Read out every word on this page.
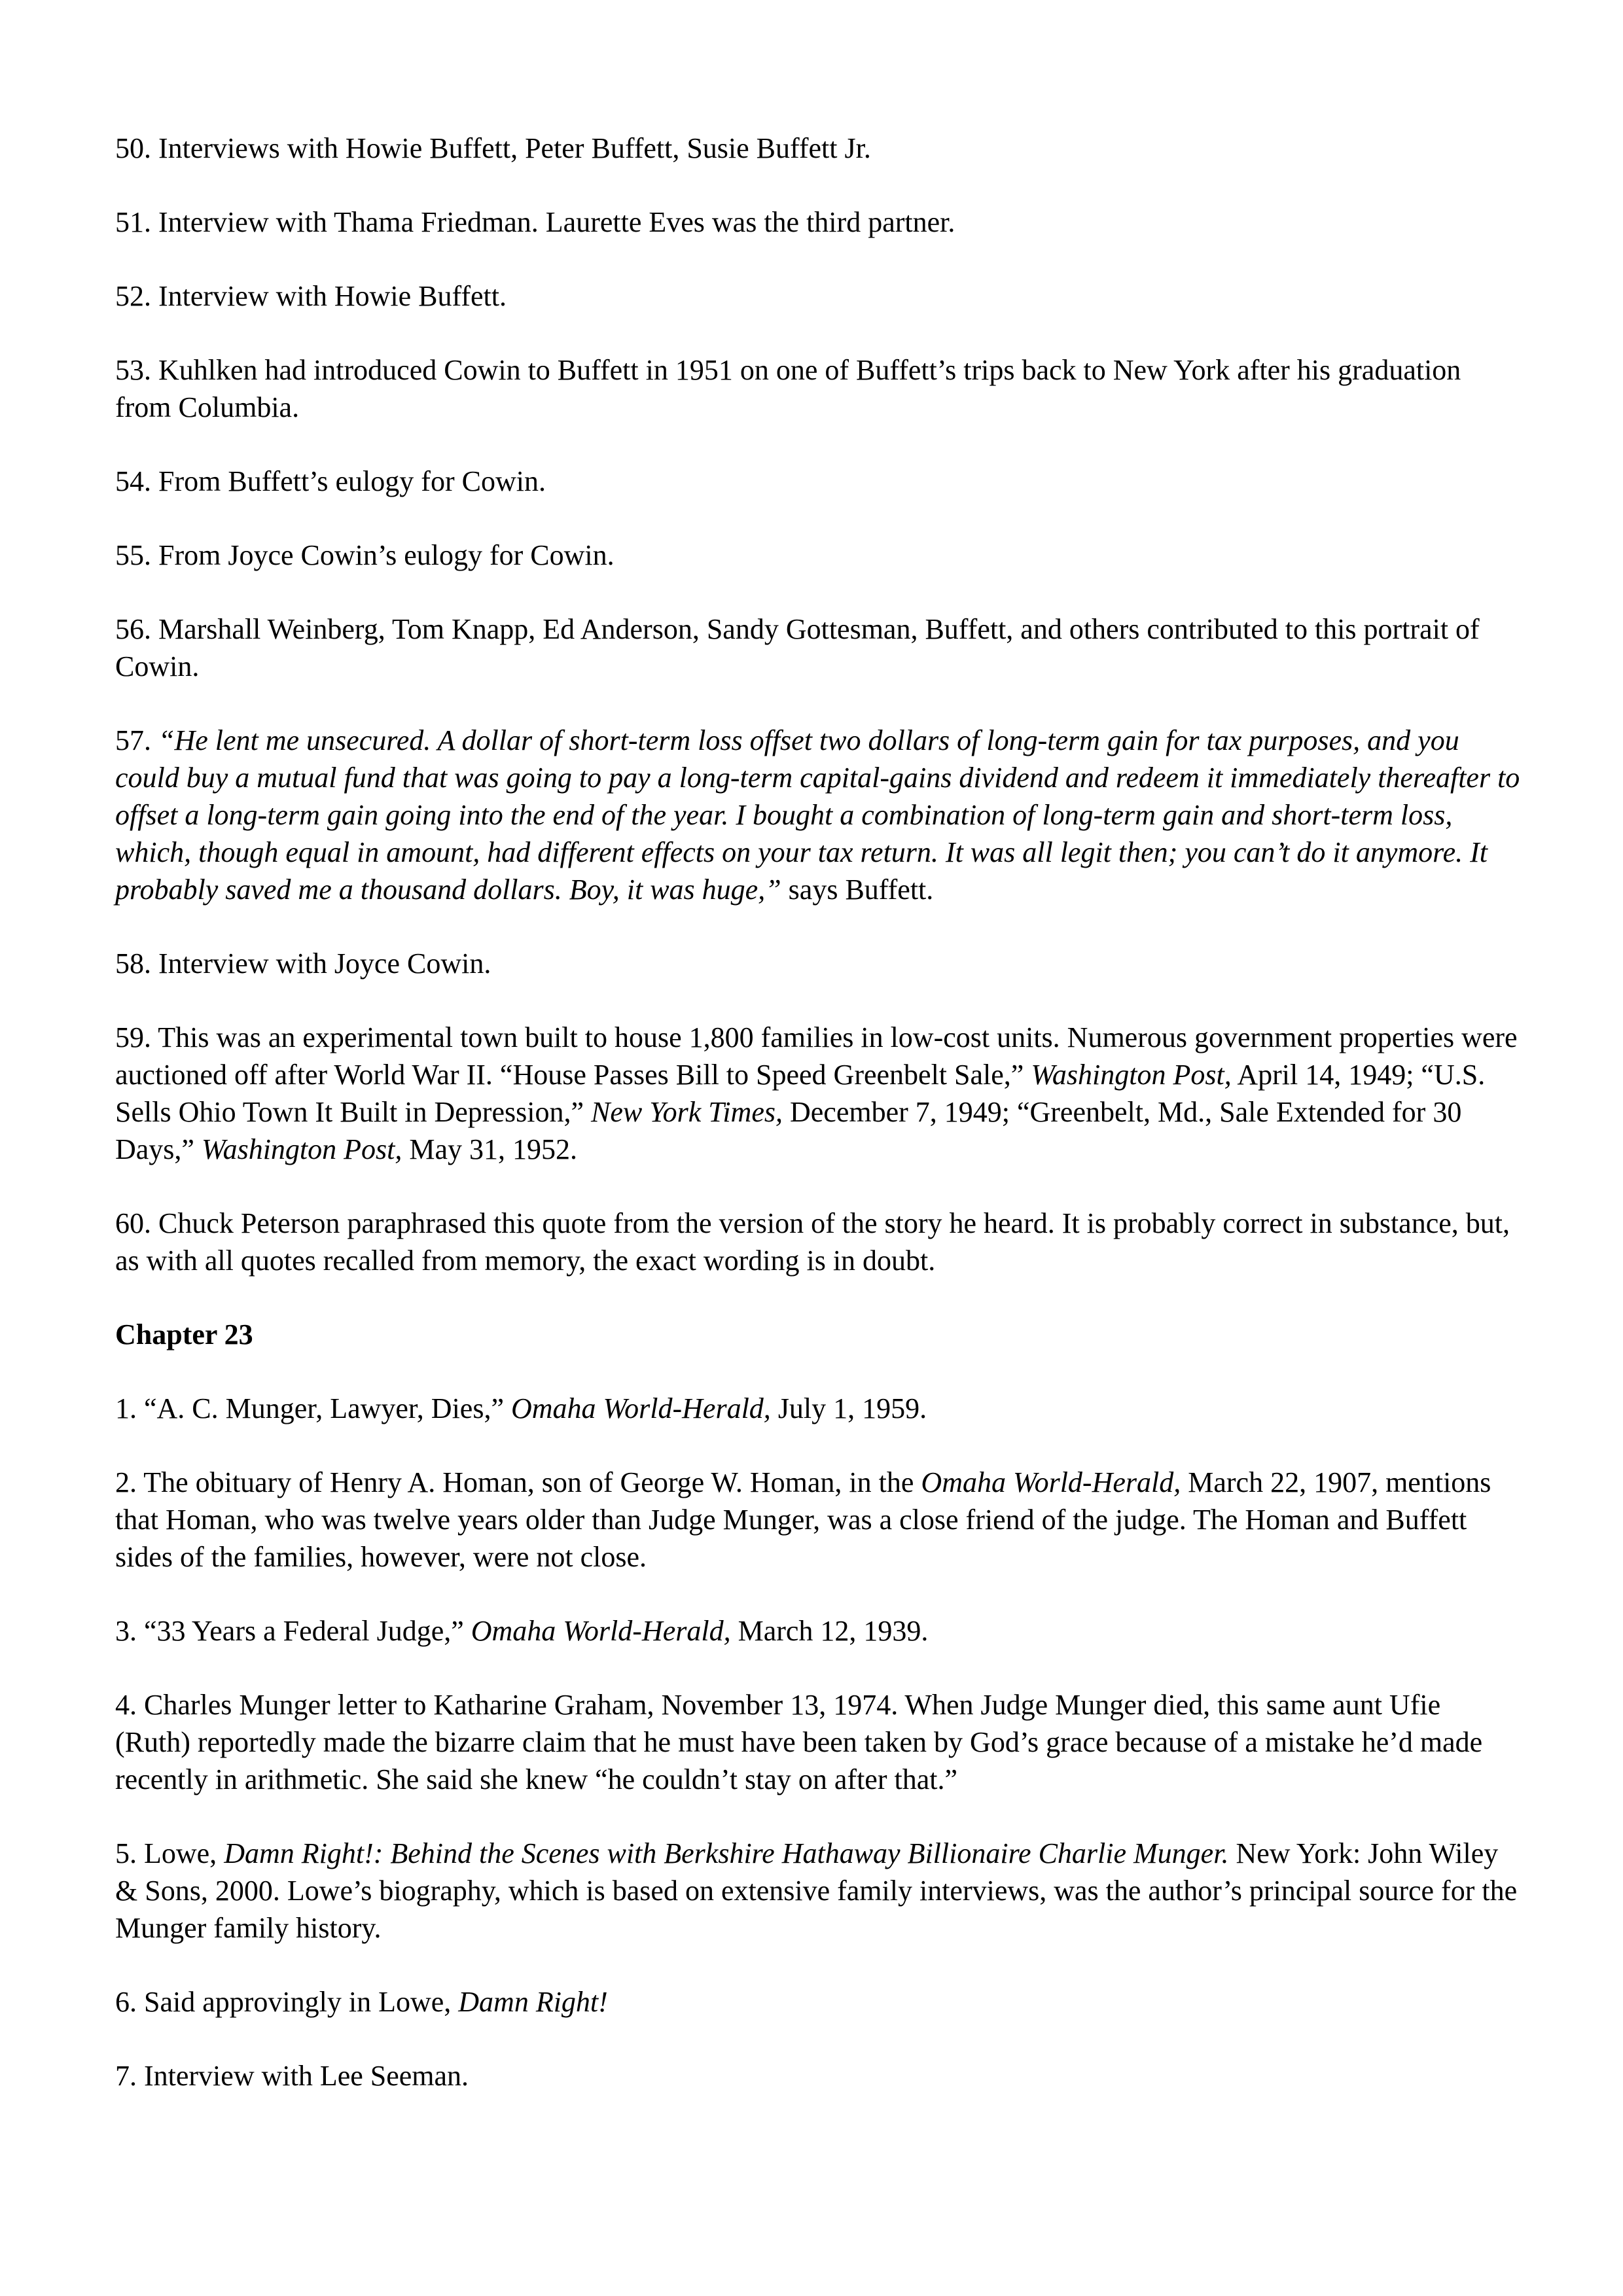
50. Interviews with Howie Buffett, Peter Buffett, Susie Buffett Jr.

51. Interview with Thama Friedman. Laurette Eves was the third partner.

52. Interview with Howie Buffett.

53. Kuhlken had introduced Cowin to Buffett in 1951 on one of Buffett’s trips back to New York after his graduation from Columbia.

54. From Buffett’s eulogy for Cowin.

55. From Joyce Cowin’s eulogy for Cowin.

56. Marshall Weinberg, Tom Knapp, Ed Anderson, Sandy Gottesman, Buffett, and others contributed to this portrait of Cowin.

57. “He lent me unsecured. A dollar of short-term loss offset two dollars of long-term gain for tax purposes, and you could buy a mutual fund that was going to pay a long-term capital-gains dividend and redeem it immediately thereafter to offset a long-term gain going into the end of the year. I bought a combination of long-term gain and short-term loss, which, though equal in amount, had different effects on your tax return. It was all legit then; you can’t do it anymore. It probably saved me a thousand dollars. Boy, it was huge,” says Buffett.

58. Interview with Joyce Cowin.

59. This was an experimental town built to house 1,800 families in low-cost units. Numerous government properties were auctioned off after World War II. “House Passes Bill to Speed Greenbelt Sale,” Washington Post, April 14, 1949; “U.S. Sells Ohio Town It Built in Depression,” New York Times, December 7, 1949; “Greenbelt, Md., Sale Extended for 30 Days,” Washington Post, May 31, 1952.

60. Chuck Peterson paraphrased this quote from the version of the story he heard. It is probably correct in substance, but, as with all quotes recalled from memory, the exact wording is in doubt.

Chapter 23

1. “A. C. Munger, Lawyer, Dies,” Omaha World-Herald, July 1, 1959.

2. The obituary of Henry A. Homan, son of George W. Homan, in the Omaha World-Herald, March 22, 1907, mentions that Homan, who was twelve years older than Judge Munger, was a close friend of the judge. The Homan and Buffett sides of the families, however, were not close.

3. “33 Years a Federal Judge,” Omaha World-Herald, March 12, 1939.

4. Charles Munger letter to Katharine Graham, November 13, 1974. When Judge Munger died, this same aunt Ufie (Ruth) reportedly made the bizarre claim that he must have been taken by God’s grace because of a mistake he’d made recently in arithmetic. She said she knew “he couldn’t stay on after that.”

5. Lowe, Damn Right!: Behind the Scenes with Berkshire Hathaway Billionaire Charlie Munger. New York: John Wiley & Sons, 2000. Lowe’s biography, which is based on extensive family interviews, was the author’s principal source for the Munger family history.

6. Said approvingly in Lowe, Damn Right!

7. Interview with Lee Seeman.
